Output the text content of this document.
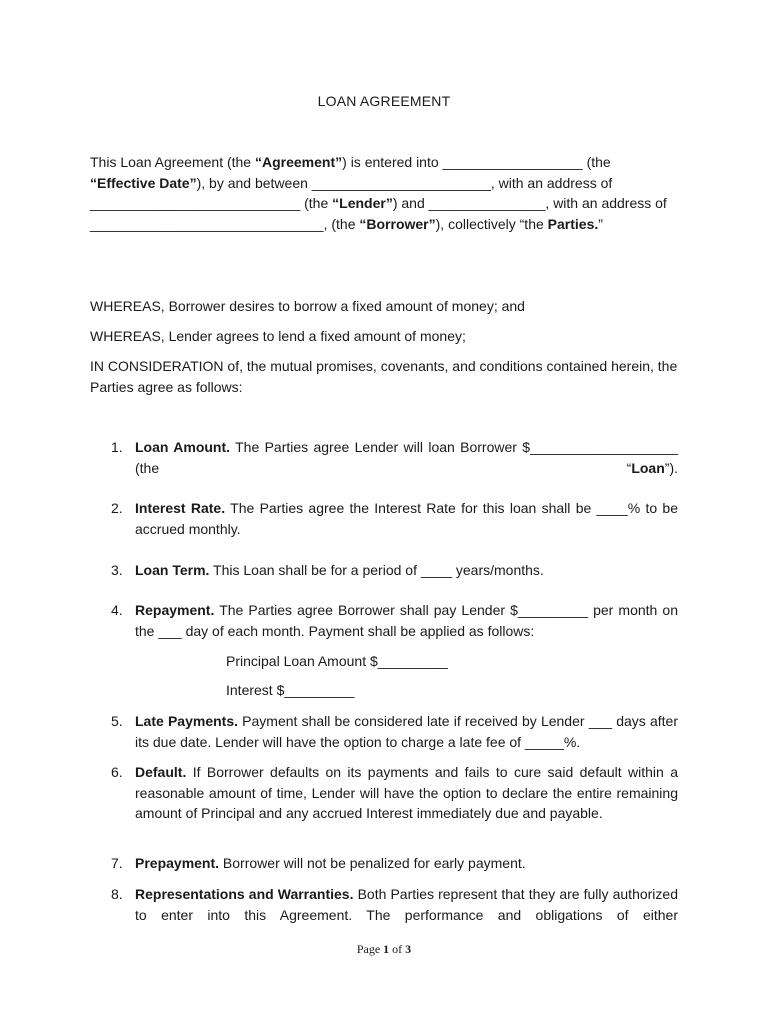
LOAN AGREEMENT
This Loan Agreement (the “Agreement”) is entered into __________________ (the “Effective Date”), by and between _______________________, with an address of ___________________________ (the “Lender”) and _______________, with an address of ______________________________, (the “Borrower”), collectively “the Parties.”
WHEREAS, Borrower desires to borrow a fixed amount of money; and
WHEREAS, Lender agrees to lend a fixed amount of money;
IN CONSIDERATION of, the mutual promises, covenants, and conditions contained herein, the Parties agree as follows:
1. Loan Amount. The Parties agree Lender will loan Borrower $___________________ (the “Loan”).
2. Interest Rate. The Parties agree the Interest Rate for this loan shall be ____% to be accrued monthly.
3. Loan Term. This Loan shall be for a period of ____ years/months.
4. Repayment. The Parties agree Borrower shall pay Lender $_________ per month on the ___ day of each month. Payment shall be applied as follows:
Principal Loan Amount $_________
Interest $_________
5. Late Payments. Payment shall be considered late if received by Lender ___ days after its due date. Lender will have the option to charge a late fee of _____%.
6. Default. If Borrower defaults on its payments and fails to cure said default within a reasonable amount of time, Lender will have the option to declare the entire remaining amount of Principal and any accrued Interest immediately due and payable.
7. Prepayment. Borrower will not be penalized for early payment.
8. Representations and Warranties. Both Parties represent that they are fully authorized to enter into this Agreement. The performance and obligations of either
Page 1 of 3
